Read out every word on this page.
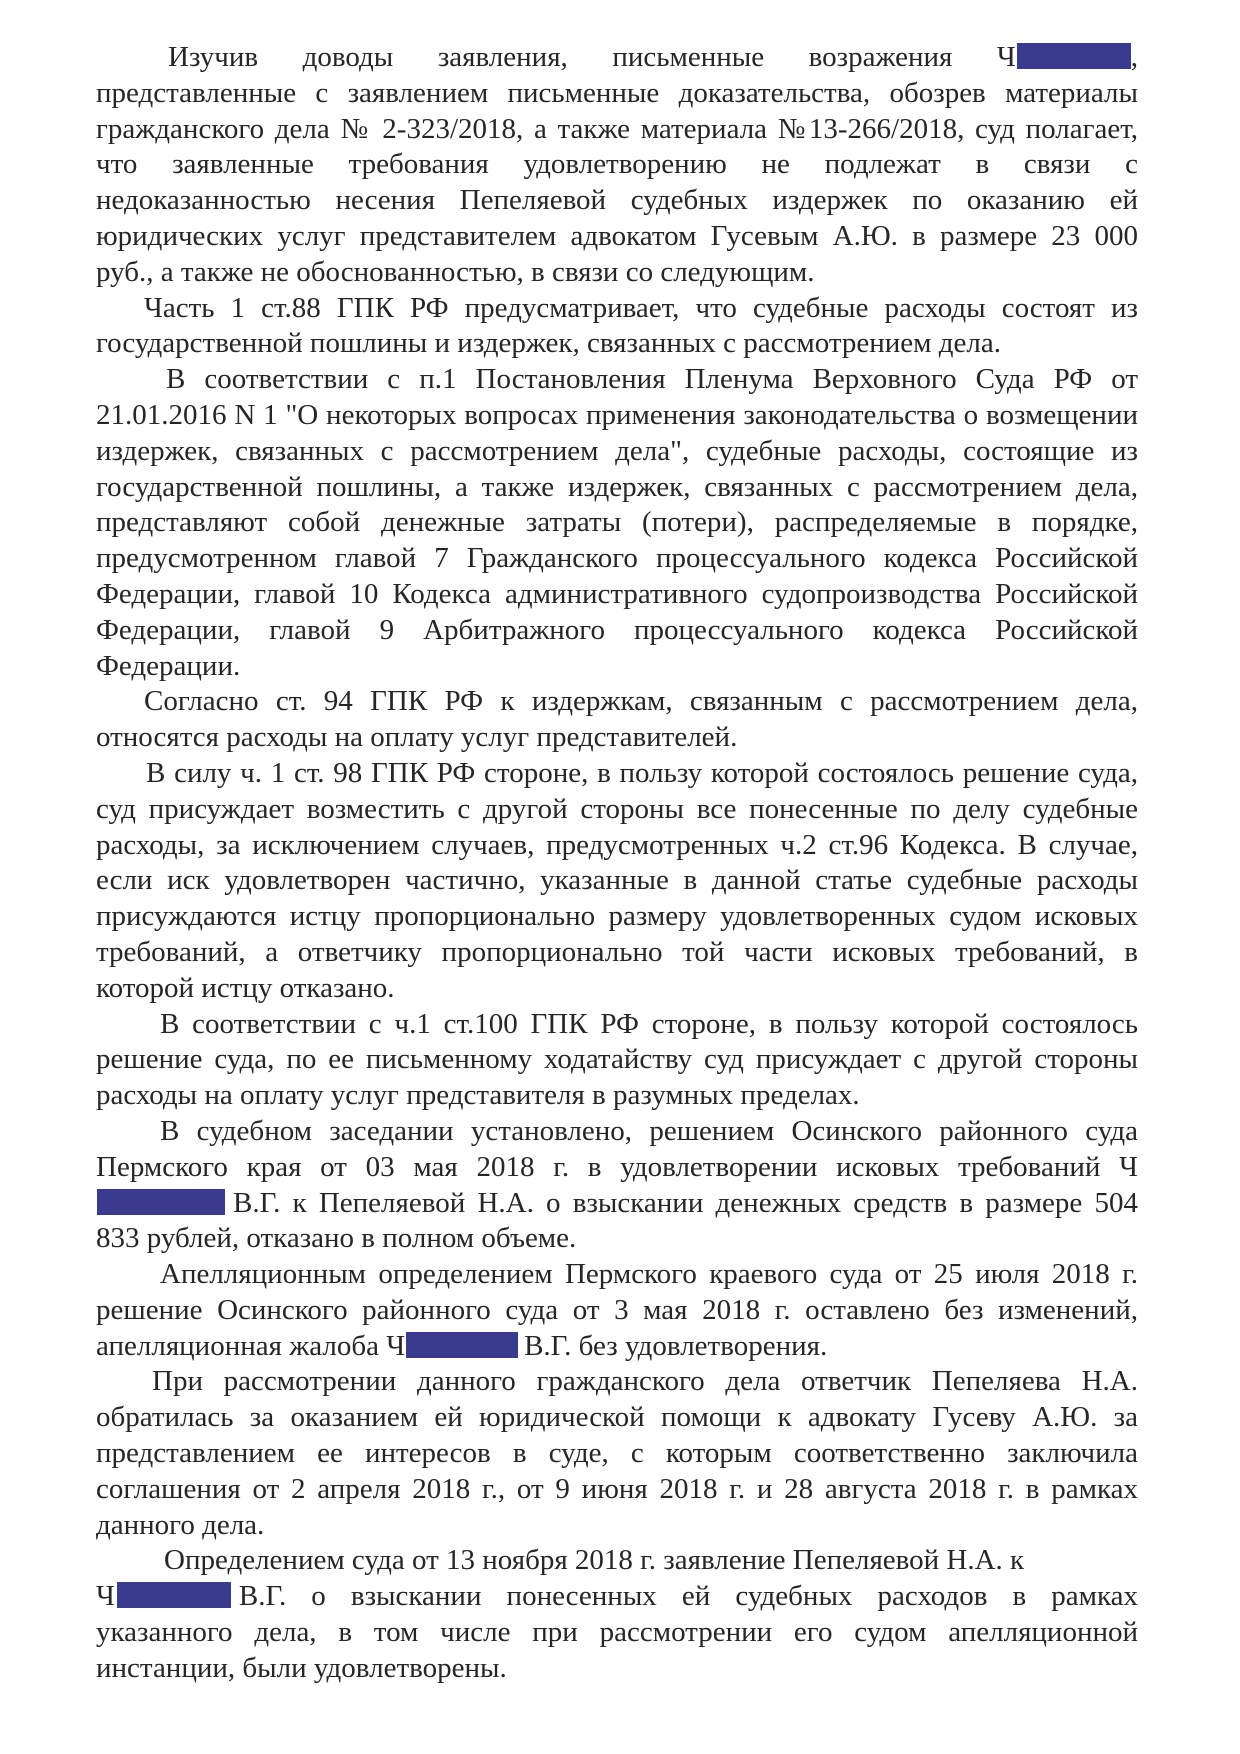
Изучив доводы заявления, письменные возражения Ч	, представленные с заявлением письменные доказательства, обозрев материалы гражданского дела № 2-323/2018, а также материала №13-266/2018, суд полагает, что заявленные требования удовлетворению не подлежат в связи с недоказанностью несения Пепеляевой судебных издержек по оказанию ей юридических услуг представителем адвокатом Гусевым А.Ю. в размере 23 000 руб., а также не обоснованностью, в связи со следующим.

Часть 1 ст.88 ГПК РФ предусматривает, что судебные расходы состоят из государственной пошлины и издержек, связанных с рассмотрением дела.

В соответствии с п.1 Постановления Пленума Верховного Суда РФ от 21.01.2016 N 1 "О некоторых вопросах применения законодательства о возмещении издержек, связанных с рассмотрением дела", судебные расходы, состоящие из государственной пошлины, а также издержек, связанных с рассмотрением дела, представляют собой денежные затраты (потери), распределяемые в порядке, предусмотренном главой 7 Гражданского процессуального кодекса Российской Федерации, главой 10 Кодекса административного судопроизводства Российской Федерации, главой 9 Арбитражного процессуального кодекса Российской Федерации.

Согласно ст. 94 ГПК РФ к издержкам, связанным с рассмотрением дела, относятся расходы на оплату услуг представителей.

В силу ч. 1 ст. 98 ГПК РФ стороне, в пользу которой состоялось решение суда, суд присуждает возместить с другой стороны все понесенные по делу судебные расходы, за исключением случаев, предусмотренных ч.2 ст.96 Кодекса. В случае, если иск удовлетворен частично, указанные в данной статье судебные расходы присуждаются истцу пропорционально размеру удовлетворенных судом исковых требований, а ответчику пропорционально той части исковых требований, в которой истцу отказано.

В соответствии с ч.1 ст.100 ГПК РФ стороне, в пользу которой состоялось решение суда, по ее письменному ходатайству суд присуждает с другой стороны расходы на оплату услуг представителя в разумных пределах.

В судебном заседании установлено, решением Осинского районного суда Пермского края от 03 мая 2018 г. в удовлетворении исковых требований ЧВ.Г. к Пепеляевой Н.А. о взыскании денежных средств в размере 504 833 рублей, отказано в полном объеме.

Апелляционным определением Пермского краевого суда от 25 июля 2018 г. решение Осинского районного суда от 3 мая 2018 г. оставлено без изменений, апелляционная жалоба Ч	В.Г. без удовлетворения.

При рассмотрении данного гражданского дела ответчик Пепеляева Н.А. обратилась за оказанием ей юридической помощи к адвокату Гусеву А.Ю. за представлением ее интересов в суде, с которым соответственно заключила соглашения от 2 апреля 2018 г., от 9 июня 2018 г. и 28 августа 2018 г. в рамках данного дела.

Определением суда от 13 ноября 2018 г. заявление Пепеляевой Н.А. к
Ч	В.Г. о взыскании понесенных ей судебных расходов в рамках указанного дела, в том числе при рассмотрении его судом апелляционной инстанции, были удовлетворены.
